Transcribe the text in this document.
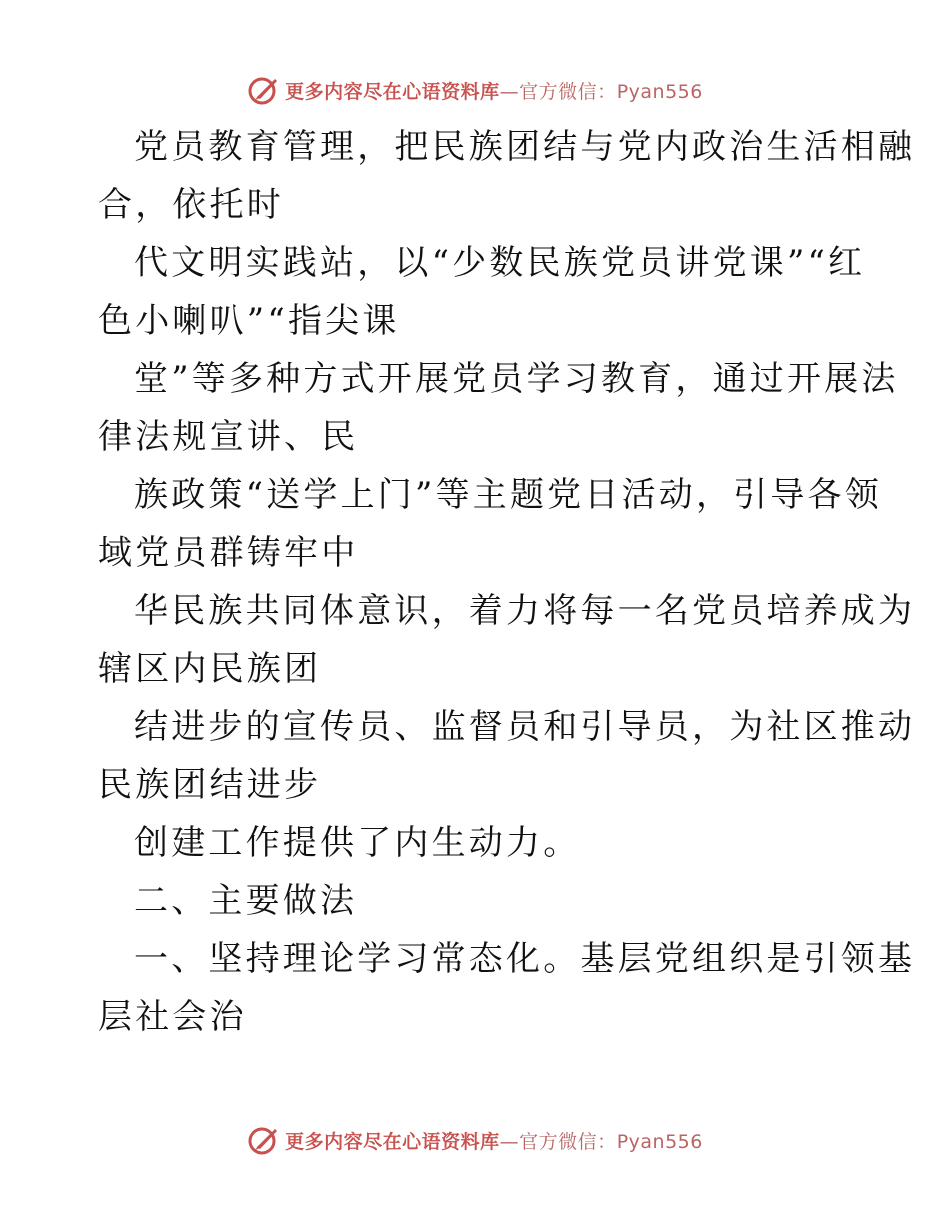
更多内容尽在心语资料库—官方微信：Pyan556
党员教育管理，把民族团结与党内政治生活相融
合，依托时
代文明实践站，以“少数民族党员讲党课”“红
色小喇叭”“指尖课
堂”等多种方式开展党员学习教育，通过开展法
律法规宣讲、民
族政策“送学上门”等主题党日活动，引导各领
域党员群铸牢中
华民族共同体意识，着力将每一名党员培养成为
辖区内民族团
结进步的宣传员、监督员和引导员，为社区推动
民族团结进步
创建工作提供了内生动力。
二、主要做法
一、坚持理论学习常态化。基层党组织是引领基
层社会治
更多内容尽在心语资料库—官方微信：Pyan556
